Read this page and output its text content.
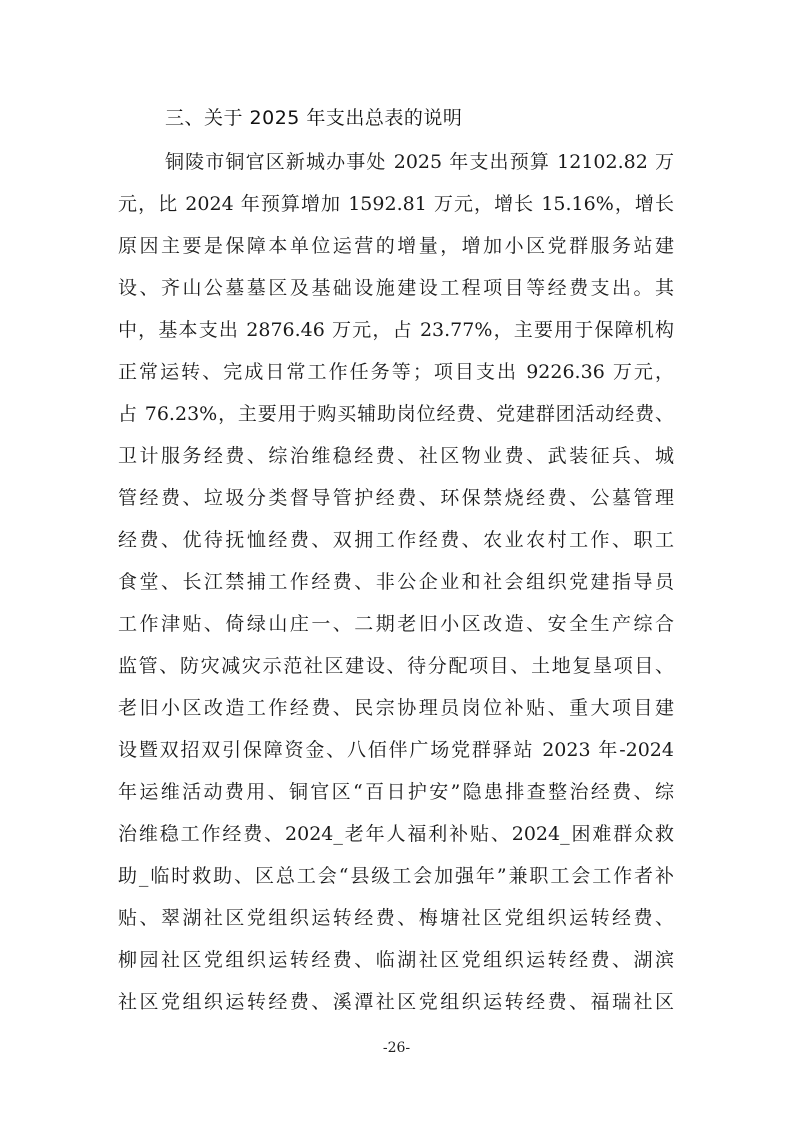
三、关于 2025 年支出总表的说明
铜陵市铜官区新城办事处 2025 年支出预算 12102.82 万
元，比 2024 年预算增加 1592.81 万元，增长 15.16%，增长
原因主要是保障本单位运营的增量，增加小区党群服务站建
设、齐山公墓墓区及基础设施建设工程项目等经费支出。其
中，基本支出 2876.46 万元，占 23.77%，主要用于保障机构
正常运转、完成日常工作任务等；项目支出 9226.36 万元，
占 76.23%，主要用于购买辅助岗位经费、党建群团活动经费、
卫计服务经费、综治维稳经费、社区物业费、武装征兵、城
管经费、垃圾分类督导管护经费、环保禁烧经费、公墓管理
经费、优待抚恤经费、双拥工作经费、农业农村工作、职工
食堂、长江禁捕工作经费、非公企业和社会组织党建指导员
工作津贴、倚绿山庄一、二期老旧小区改造、安全生产综合
监管、防灾减灾示范社区建设、待分配项目、土地复垦项目、
老旧小区改造工作经费、民宗协理员岗位补贴、重大项目建
设暨双招双引保障资金、八佰伴广场党群驿站 2023 年-2024
年运维活动费用、铜官区“百日护安”隐患排查整治经费、综
治维稳工作经费、2024_老年人福利补贴、2024_困难群众救
助_临时救助、区总工会“县级工会加强年”兼职工会工作者补
贴、翠湖社区党组织运转经费、梅塘社区党组织运转经费、
柳园社区党组织运转经费、临湖社区党组织运转经费、湖滨
社区党组织运转经费、溪潭社区党组织运转经费、福瑞社区
-26-
